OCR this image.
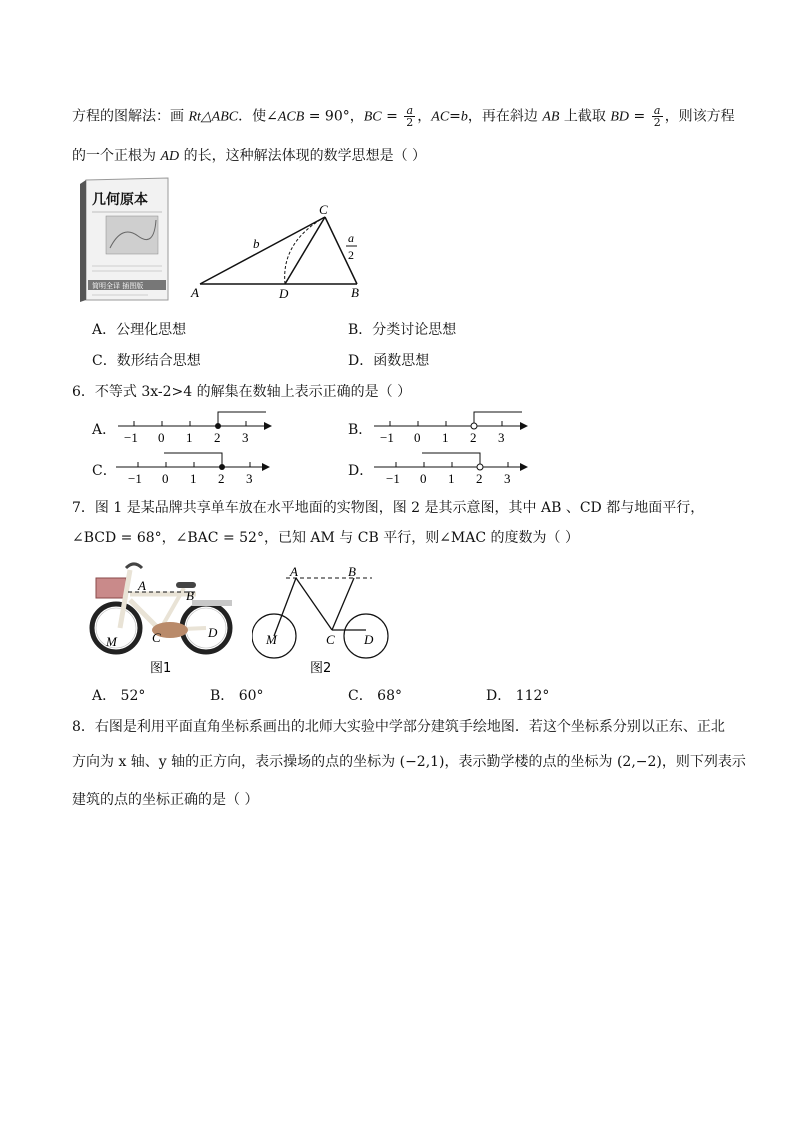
方程的图解法：画 Rt△ABC．使∠ACB = 90°，BC = $\frac{a}{2}$ ，AC=b，再在斜边 AB 上截取 BD = $\frac{a}{2}$ ，则该方程
的一个正根为 AD 的长，这种解法体现的数学思想是（ ）
几何原本
简明全译 插图版	A	D	B
C
b	a
2
A．公理化思想	B．分类讨论思想
C．数形结合思想	D．函数思想
6．不等式 3x-2>4 的解集在数轴上表示正确的是（ ）
A． −1 0 1 2 3	B． −1 0 1 2 3
C． −1 0 1 2 3	D． −1 0 1 2 3
7．图 1 是某品牌共享单车放在水平地面的实物图，图 2 是其示意图，其中 AB 、CD 都与地面平行，
∠BCD = 68°，∠BAC = 52°，已知 AM 与 CB 平行，则∠MAC 的度数为（ ）
A
B
C	D
M
图1
A	B
C D
M
图2
A． 52°	B． 60°	C． 68°	D． 112°
8．右图是利用平面直角坐标系画出的北师大实验中学部分建筑手绘地图．若这个坐标系分别以正东、正北
方向为 x 轴、y 轴的正方向，表示操场的点的坐标为 (−2,1)，表示勤学楼的点的坐标为 (2,−2)，则下列表示
建筑的点的坐标正确的是（ ）
